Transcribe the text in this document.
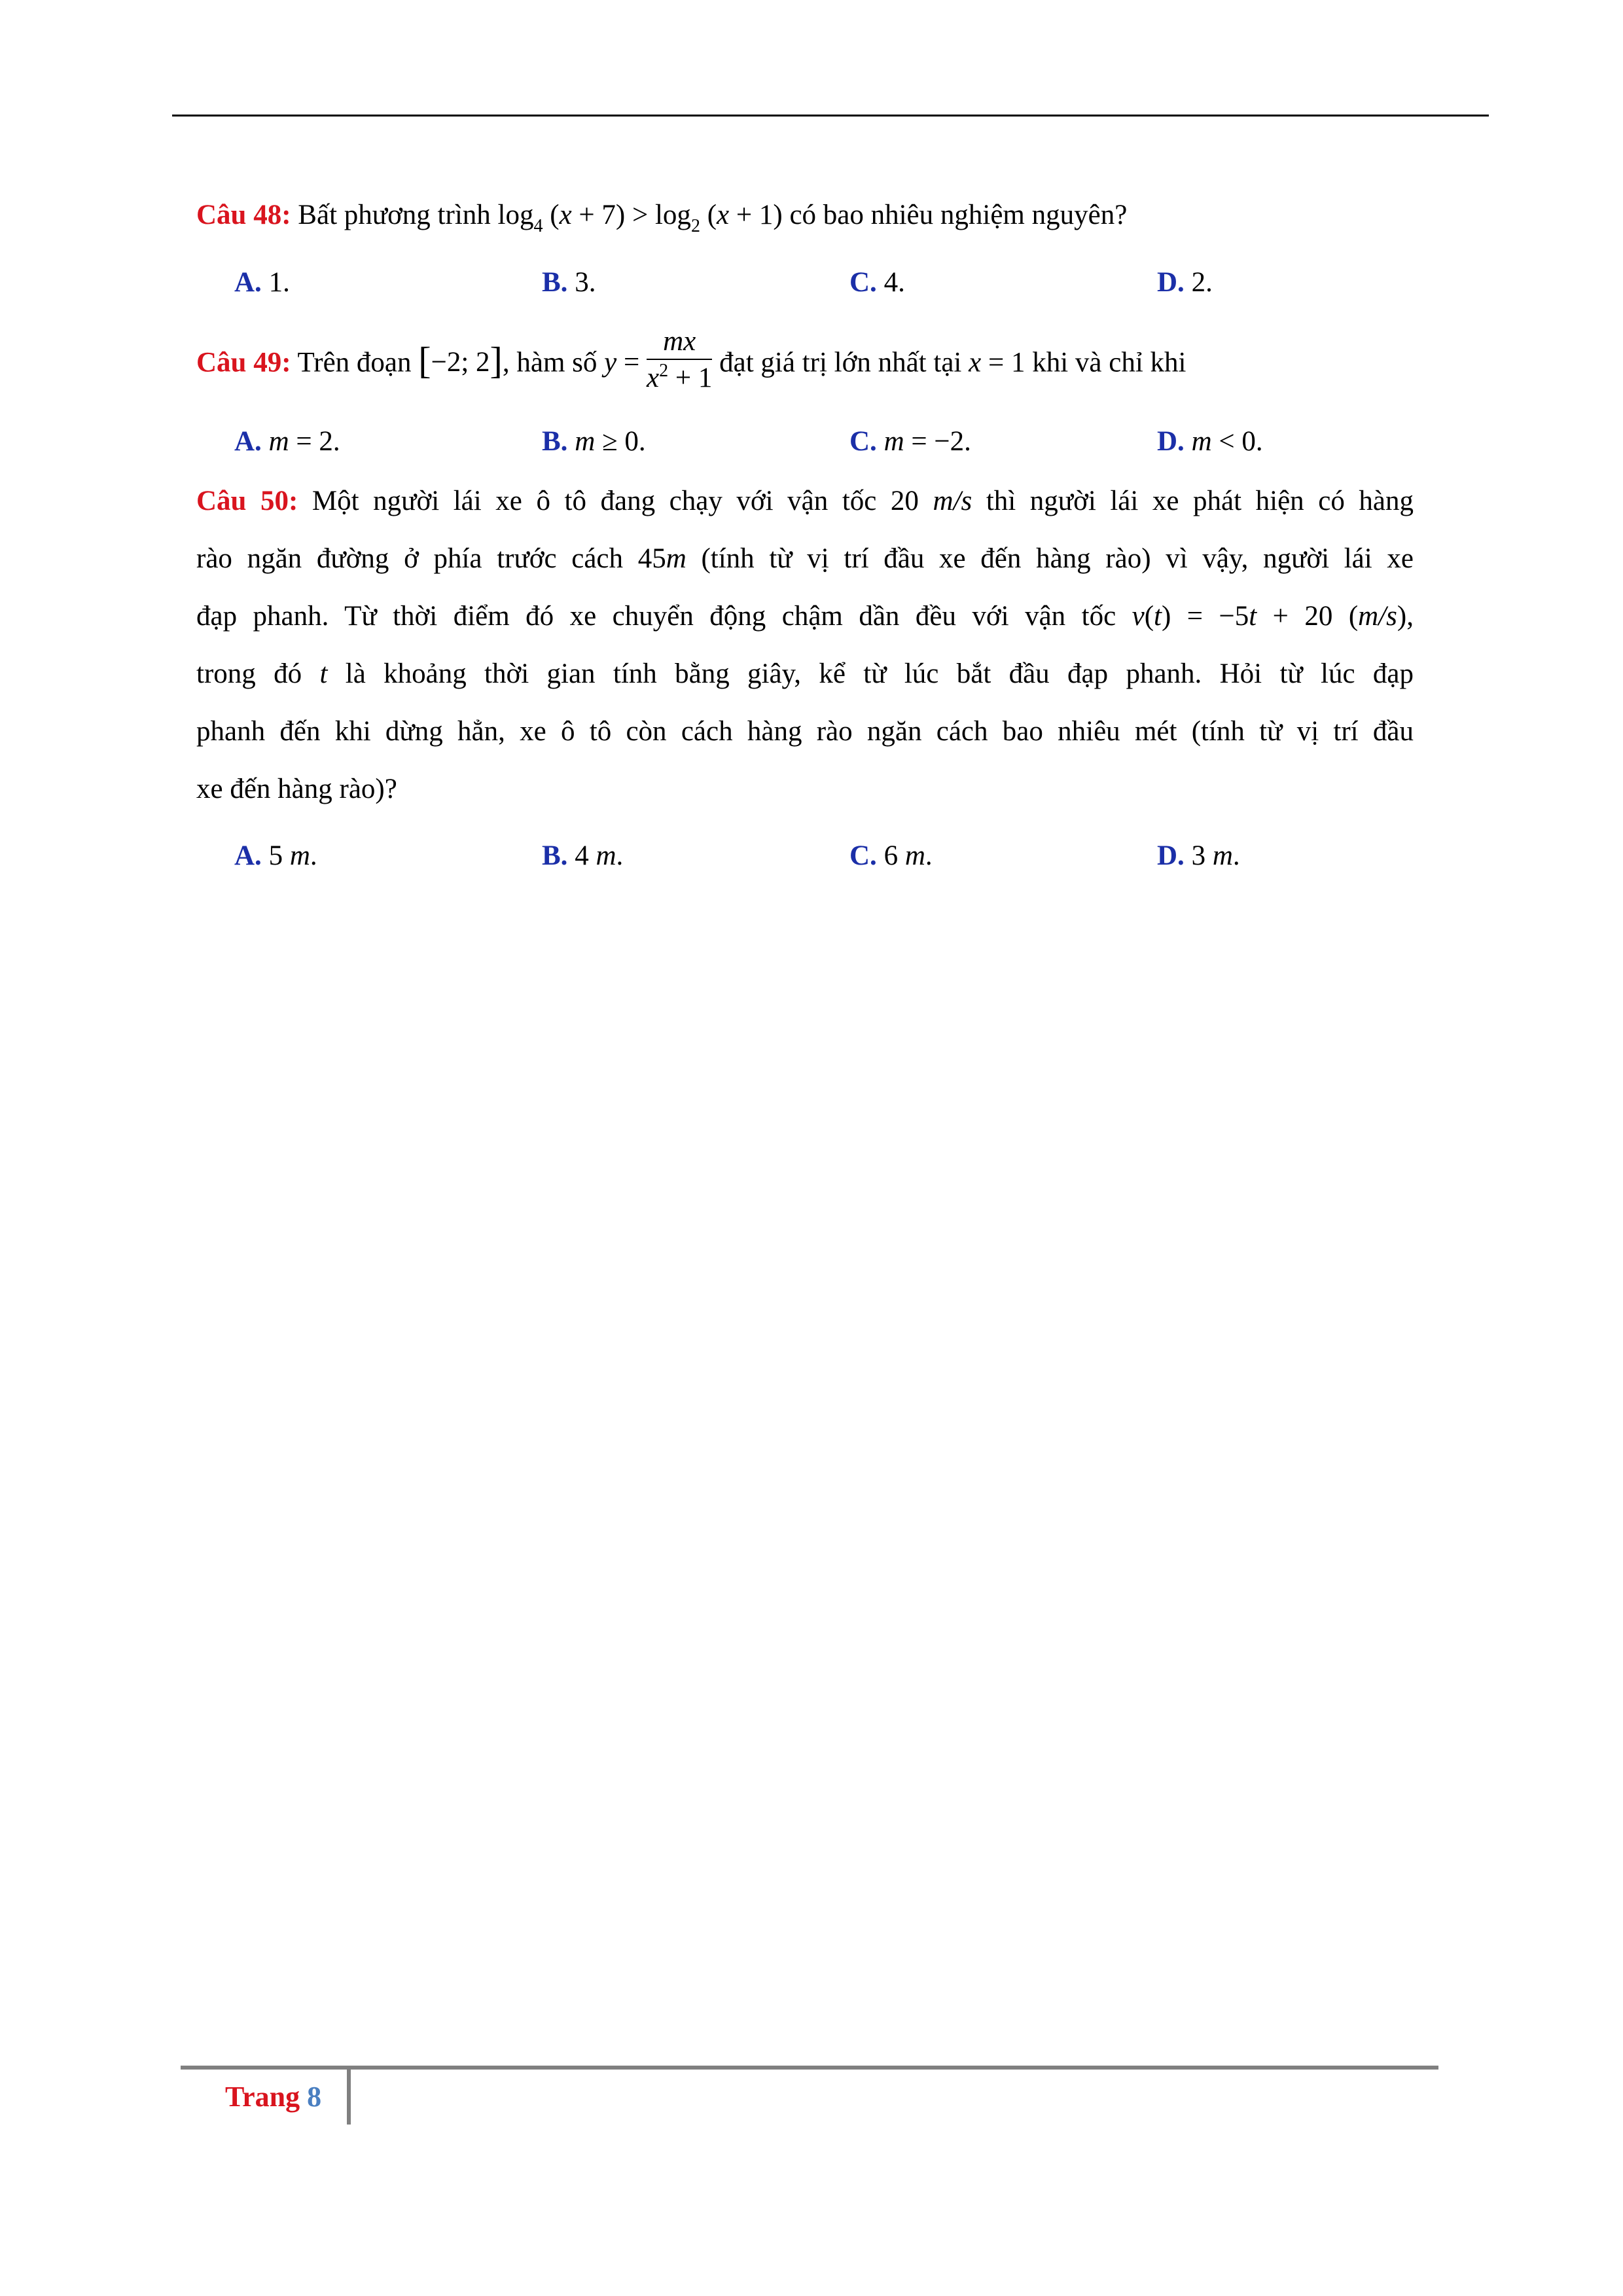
Câu 48: Bất phương trình $\log_4 (x + 7) > \log_2 (x + 1)$ có bao nhiêu nghiệm nguyên?
A. 1.	B. 3.	C. 4.	D. 2.
Câu 49: Trên đoạn [−2; 2], hàm số $y = \frac{mx}{x^2 + 1}$ đạt giá trị lớn nhất tại x = 1 khi và chỉ khi
A. m = 2.	B. m ≥ 0.	C. m = −2.	D. m < 0.
Câu 50: Một người lái xe ô tô đang chạy với vận tốc 20 m/s thì người lái xe phát hiện có hàng
rào ngăn đường ở phía trước cách 45m (tính từ vị trí đầu xe đến hàng rào) vì vậy, người lái xe
đạp phanh. Từ thời điểm đó xe chuyển động chậm dần đều với vận tốc v(t) = −5t + 20 (m/s),
trong đó t là khoảng thời gian tính bằng giây, kể từ lúc bắt đầu đạp phanh. Hỏi từ lúc đạp
phanh đến khi dừng hẳn, xe ô tô còn cách hàng rào ngăn cách bao nhiêu mét (tính từ vị trí đầu
xe đến hàng rào)?
A. 5 m.	B. 4 m.	C. 6 m.	D. 3 m.
Trang 8
